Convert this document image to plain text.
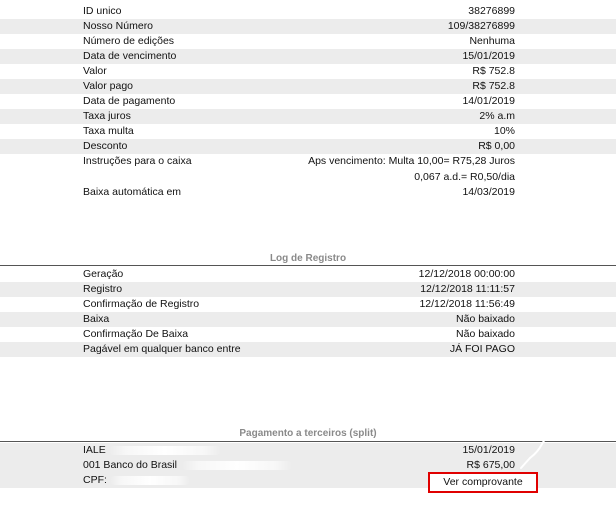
ID unico	38276899
Nosso Número	109/38276899
Número de edições	Nenhuma
Data de vencimento	15/01/2019
Valor	R$ 752.8
Valor pago	R$ 752.8
Data de pagamento	14/01/2019
Taxa juros	2% a.m
Taxa multa	10%
Desconto	R$ 0,00
Instruções para o caixa	Aps vencimento: Multa 10,00= R75,28 Juros
0,067 a.d.= R0,50/dia
Baixa automática em	14/03/2019
Log de Registro
Geração	12/12/2018 00:00:00
Registro	12/12/2018 11:11:57
Confirmação de Registro	12/12/2018 11:56:49
Baixa	Não baixado
Confirmação De Baixa	Não baixado
Pagável em qualquer banco entre	JÁ FOI PAGO
Pagamento a terceiros (split)
IALE	15/01/2019
001 Banco do Brasil	R$ 675,00
CPF:	Ver comprovante
